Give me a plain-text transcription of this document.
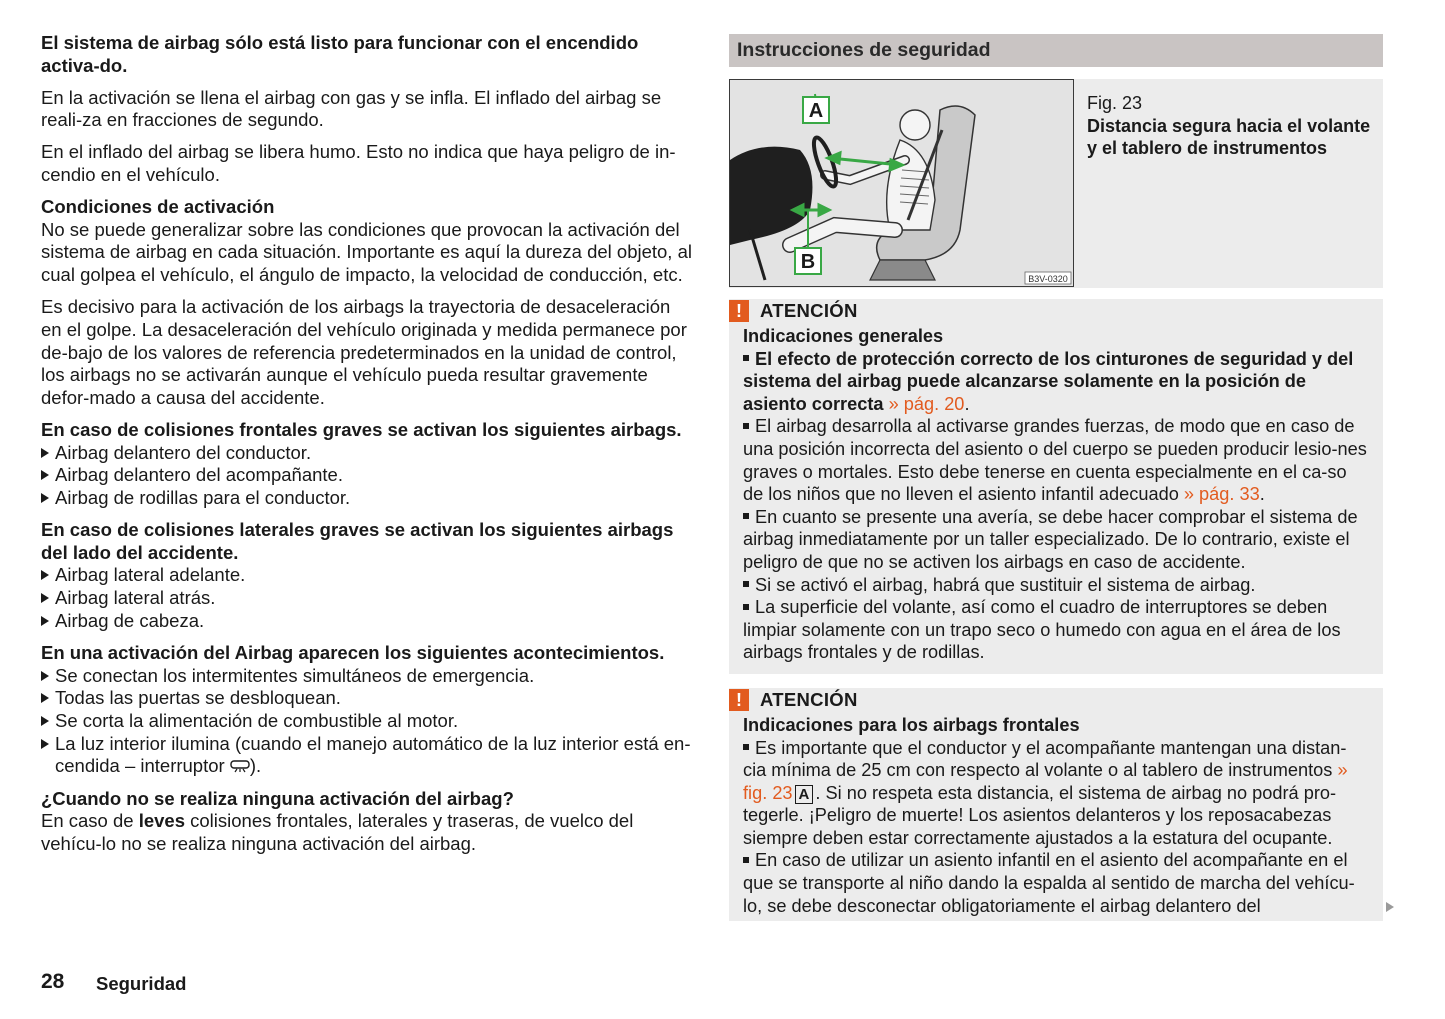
El sistema de airbag sólo está listo para funcionar con el encendido activa-do.

En la activación se llena el airbag con gas y se infla. El inflado del airbag se reali-za en fracciones de segundo.

En el inflado del airbag se libera humo. Esto no indica que haya peligro de in-cendio en el vehículo.

Condiciones de activación
No se puede generalizar sobre las condiciones que provocan la activación del sistema de airbag en cada situación. Importante es aquí la dureza del objeto, al cual golpea el vehículo, el ángulo de impacto, la velocidad de conducción, etc.

Es decisivo para la activación de los airbags la trayectoria de desaceleración en el golpe. La desaceleración del vehículo originada y medida permanece por de-bajo de los valores de referencia predeterminados en la unidad de control, los airbags no se activarán aunque el vehículo pueda resultar gravemente defor-mado a causa del accidente.

En caso de colisiones frontales graves se activan los siguientes airbags.
Airbag delantero del conductor.
Airbag delantero del acompañante.
Airbag de rodillas para el conductor.
En caso de colisiones laterales graves se activan los siguientes airbags del lado del accidente.
Airbag lateral adelante.
Airbag lateral atrás.
Airbag de cabeza.
En una activación del Airbag aparecen los siguientes acontecimientos.
Se conectan los intermitentes simultáneos de emergencia.
Todas las puertas se desbloquean.
Se corta la alimentación de combustible al motor.
La luz interior ilumina (cuando el manejo automático de la luz interior está en-cendida – interruptor ).
¿Cuando no se realiza ninguna activación del airbag?
En caso de leves colisiones frontales, laterales y traseras, de vuelco del vehícu-lo no se realiza ninguna activación del airbag.
Instrucciones de seguridad
A
B
B3V-0320
Fig. 23
Distancia segura hacia el volante y el tablero de instrumentos
! ATENCIÓN

Indicaciones generales

El efecto de protección correcto de los cinturones de seguridad y del sistema del airbag puede alcanzarse solamente en la posición de asiento correcta » pág. 20.

El airbag desarrolla al activarse grandes fuerzas, de modo que en caso de una posición incorrecta del asiento o del cuerpo se pueden producir lesio-nes graves o mortales. Esto debe tenerse en cuenta especialmente en el ca-so de los niños que no lleven el asiento infantil adecuado » pág. 33.

En cuanto se presente una avería, se debe hacer comprobar el sistema de airbag inmediatamente por un taller especializado. De lo contrario, existe el peligro de que no se activen los airbags en caso de accidente.

Si se activó el airbag, habrá que sustituir el sistema de airbag.

La superficie del volante, así como el cuadro de interruptores se deben limpiar solamente con un trapo seco o humedo con agua en el área de los airbags frontales y de rodillas.

! ATENCIÓN

Indicaciones para los airbags frontales

Es importante que el conductor y el acompañante mantengan una distan-cia mínima de 25 cm con respecto al volante o al tablero de instrumentos » fig. 23 A . Si no respeta esta distancia, el sistema de airbag no podrá pro-tegerle. ¡Peligro de muerte! Los asientos delanteros y los reposacabezas siempre deben estar correctamente ajustados a la estatura del ocupante.

En caso de utilizar un asiento infantil en el asiento del acompañante en el que se transporte al niño dando la espalda al sentido de marcha del vehícu-lo, se debe desconectar obligatoriamente el airbag delantero del

28 Seguridad
